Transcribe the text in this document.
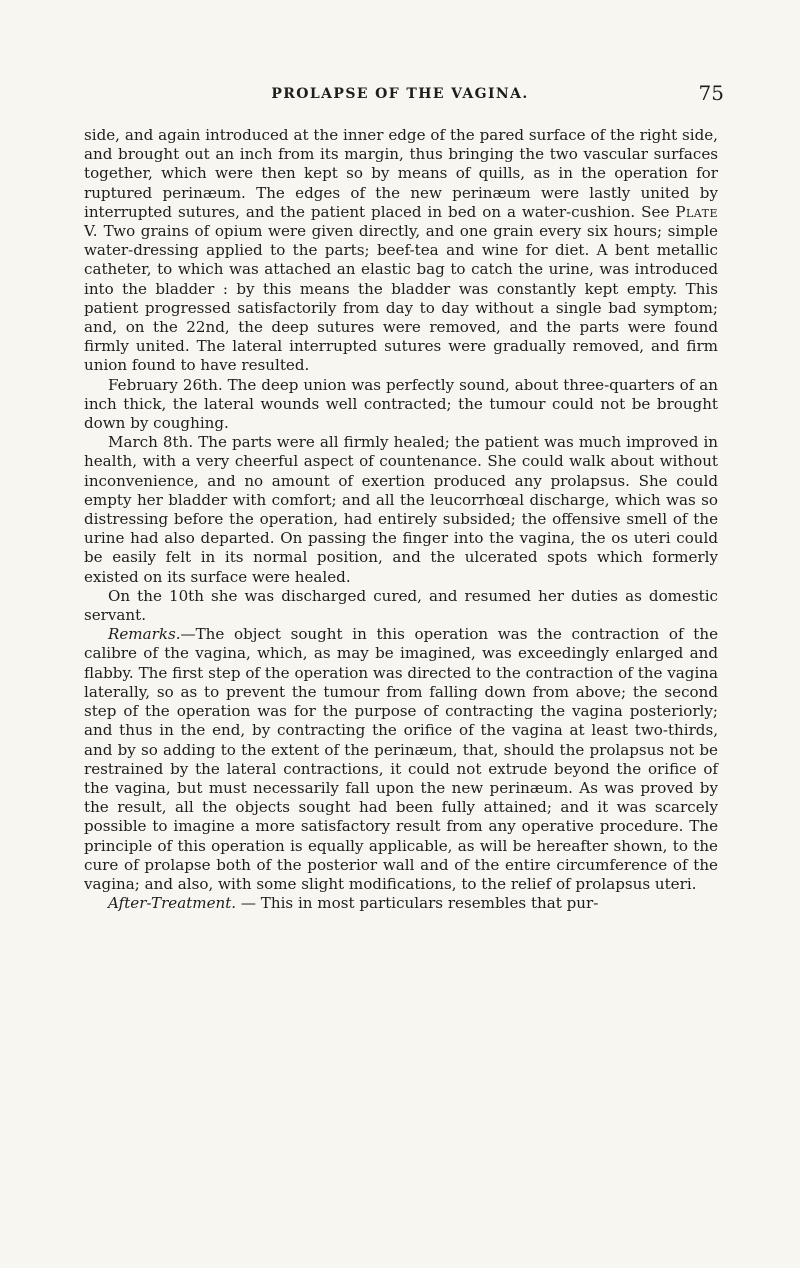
PROLAPSE OF THE VAGINA.	75

side, and again introduced at the inner edge of the pared surface of the right side, and brought out an inch from its margin, thus bringing the two vascular surfaces together, which were then kept so by means of quills, as in the operation for ruptured perinæum. The edges of the new perinæum were lastly united by interrupted sutures, and the patient placed in bed on a water-cushion. See Plate V. Two grains of opium were given directly, and one grain every six hours; simple water-dressing applied to the parts; beef-tea and wine for diet. A bent metallic catheter, to which was attached an elastic bag to catch the urine, was introduced into the bladder : by this means the bladder was constantly kept empty. This patient progressed satisfactorily from day to day without a single bad symptom; and, on the 22nd, the deep sutures were removed, and the parts were found firmly united. The lateral interrupted sutures were gradually removed, and firm union found to have resulted.

February 26th. The deep union was perfectly sound, about three-quarters of an inch thick, the lateral wounds well contracted; the tumour could not be brought down by coughing.

March 8th. The parts were all firmly healed; the patient was much improved in health, with a very cheerful aspect of countenance. She could walk about without inconvenience, and no amount of exertion produced any prolapsus. She could empty her bladder with comfort; and all the leucorrhœal discharge, which was so distressing before the operation, had entirely subsided; the offensive smell of the urine had also departed. On passing the finger into the vagina, the os uteri could be easily felt in its normal position, and the ulcerated spots which formerly existed on its surface were healed.

On the 10th she was discharged cured, and resumed her duties as domestic servant.

Remarks.—The object sought in this operation was the contraction of the calibre of the vagina, which, as may be imagined, was exceedingly enlarged and flabby. The first step of the operation was directed to the contraction of the vagina laterally, so as to prevent the tumour from falling down from above; the second step of the operation was for the purpose of contracting the vagina posteriorly; and thus in the end, by contracting the orifice of the vagina at least two-thirds, and by so adding to the extent of the perinæum, that, should the prolapsus not be restrained by the lateral contractions, it could not extrude beyond the orifice of the vagina, but must necessarily fall upon the new perinæum. As was proved by the result, all the objects sought had been fully attained; and it was scarcely possible to imagine a more satisfactory result from any operative procedure. The principle of this operation is equally applicable, as will be hereafter shown, to the cure of prolapse both of the posterior wall and of the entire circumference of the vagina; and also, with some slight modifications, to the relief of prolapsus uteri.

After-Treatment. — This in most particulars resembles that pur-
